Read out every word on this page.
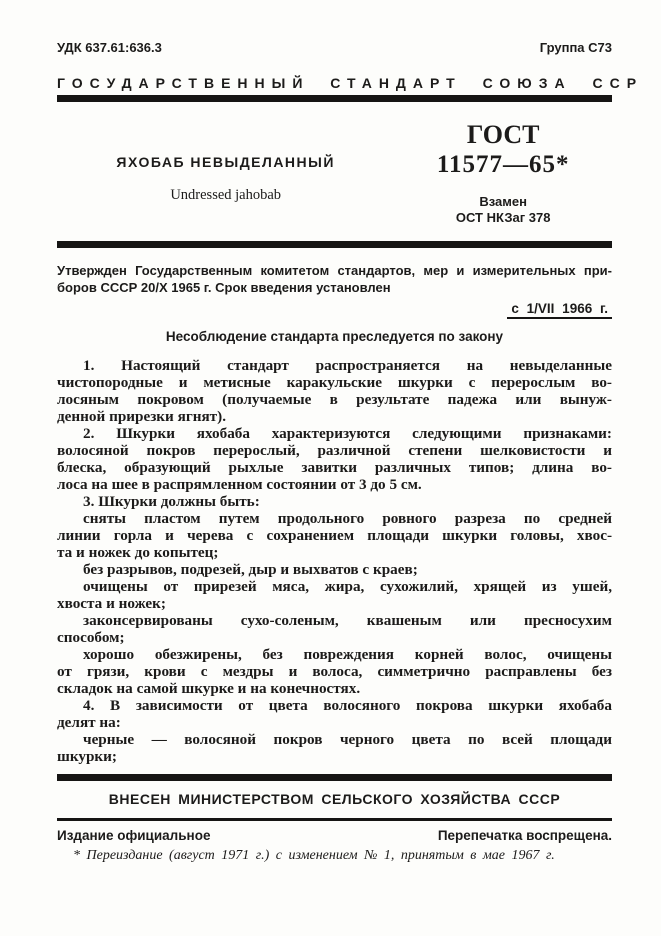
УДК 637.61:636.3	Группа С73
ГОСУДАРСТВЕННЫЙ СТАНДАРТ СОЮЗА ССР
ЯХОБАБ НЕВЫДЕЛАННЫЙ
Undressed jahobab
ГОСТ
11577—65*
Взамен
ОСТ НКЗаг 378
Утвержден Государственным комитетом стандартов, мер и измерительных при-
боров СССР 20/X 1965 г. Срок введения установлен
с 1/VII 1966 г.
Несоблюдение стандарта преследуется по закону
1. Настоящий стандарт распространяется на невыделанные
чистопородные и метисные каракульские шкурки с перерослым во-
лосяным покровом (получаемые в результате падежа или вынуж-
денной прирезки ягнят).
2. Шкурки яхобаба характеризуются следующими признаками:
волосяной покров перерослый, различной степени шелковистости и
блеска, образующий рыхлые завитки различных типов; длина во-
лоса на шее в распрямленном состоянии от 3 до 5 см.
3. Шкурки должны быть:
сняты пластом путем продольного ровного разреза по средней
линии горла и черева с сохранением площади шкурки головы, хвос-
та и ножек до копытец;
без разрывов, подрезей, дыр и выхватов с краев;
очищены от прирезей мяса, жира, сухожилий, хрящей из ушей,
хвоста и ножек;
законсервированы сухо-соленым, квашеным или пресносухим
способом;
хорошо обезжирены, без повреждения корней волос, очищены
от грязи, крови с мездры и волоса, симметрично расправлены без
складок на самой шкурке и на конечностях.
4. В зависимости от цвета волосяного покрова шкурки яхобаба
делят на:
черные — волосяной покров черного цвета по всей площади
шкурки;
ВНЕСЕН МИНИСТЕРСТВОМ СЕЛЬСКОГО ХОЗЯЙСТВА СССР
Издание официальное	Перепечатка воспрещена.
* Переиздание (август 1971 г.) с изменением № 1, принятым в мае 1967 г.
